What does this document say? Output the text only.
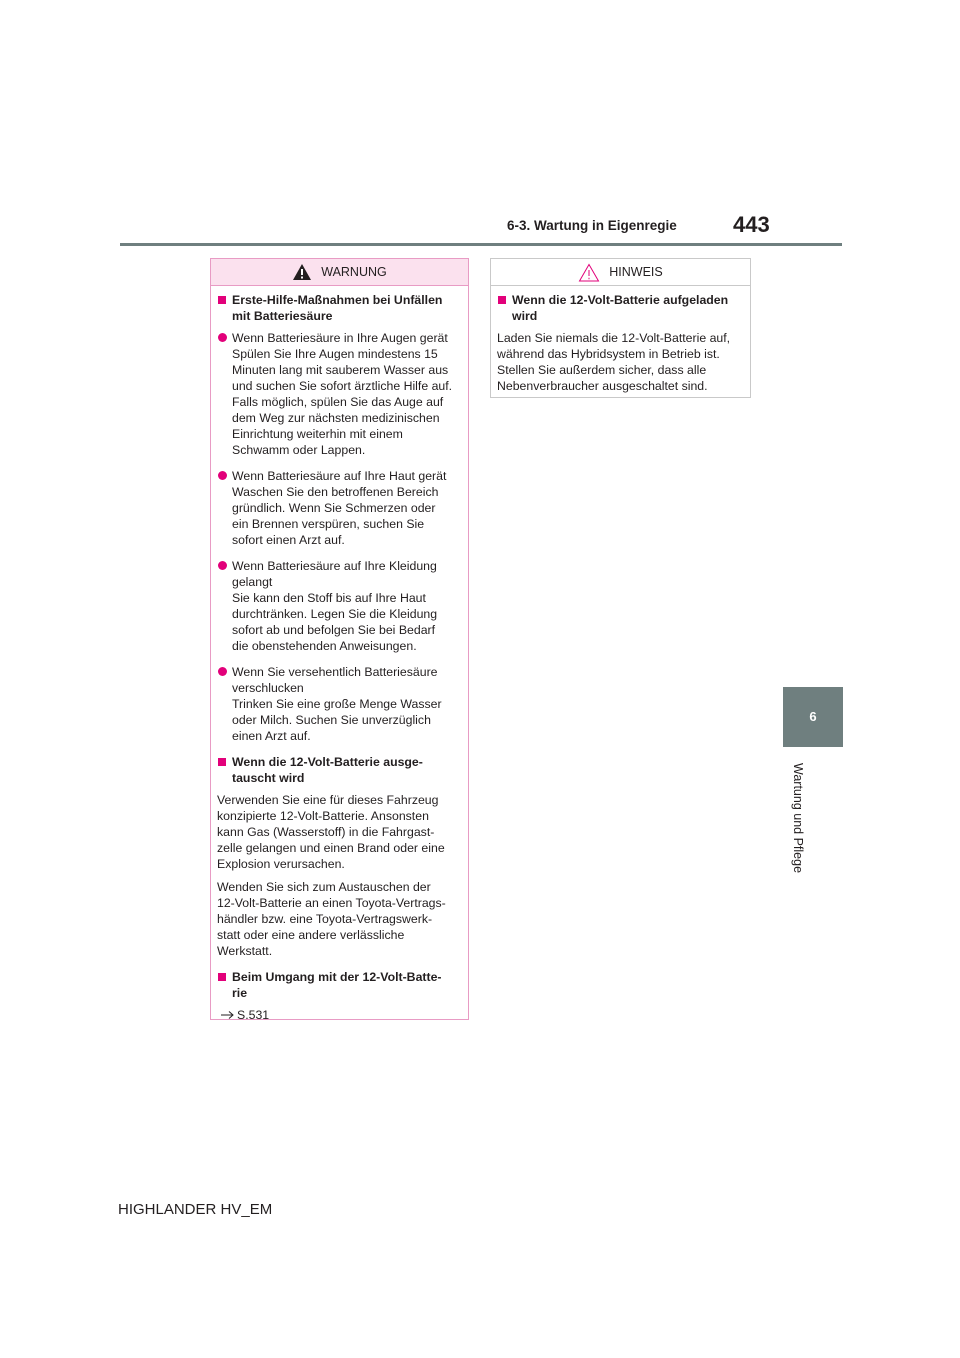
6-3. Wartung in Eigenregie	443
6
Wartung und Pflege
WARNUNG
Erste-Hilfe-Maßnahmen bei Unfällen
mit Batteriesäure
Wenn Batteriesäure in Ihre Augen gerät
Spülen Sie Ihre Augen mindestens 15
Minuten lang mit sauberem Wasser aus
und suchen Sie sofort ärztliche Hilfe auf.
Falls möglich, spülen Sie das Auge auf
dem Weg zur nächsten medizinischen
Einrichtung weiterhin mit einem
Schwamm oder Lappen.
Wenn Batteriesäure auf Ihre Haut gerät
Waschen Sie den betroffenen Bereich
gründlich. Wenn Sie Schmerzen oder
ein Brennen verspüren, suchen Sie
sofort einen Arzt auf.
Wenn Batteriesäure auf Ihre Kleidung
gelangt
Sie kann den Stoff bis auf Ihre Haut
durchtränken. Legen Sie die Kleidung
sofort ab und befolgen Sie bei Bedarf
die obenstehenden Anweisungen.
Wenn Sie versehentlich Batteriesäure
verschlucken
Trinken Sie eine große Menge Wasser
oder Milch. Suchen Sie unverzüglich
einen Arzt auf.
Wenn die 12-Volt-Batterie ausge-
tauscht wird
Verwenden Sie eine für dieses Fahrzeug
konzipierte 12-Volt-Batterie. Ansonsten
kann Gas (Wasserstoff) in die Fahrgast-
zelle gelangen und einen Brand oder eine
Explosion verursachen.
Wenden Sie sich zum Austauschen der
12-Volt-Batterie an einen Toyota-Vertrags-
händler bzw. eine Toyota-Vertragswerk-
statt oder eine andere verlässliche
Werkstatt.
Beim Umgang mit der 12-Volt-Batte-
rie
S.531
HINWEIS
Wenn die 12-Volt-Batterie aufgeladen
wird
Laden Sie niemals die 12-Volt-Batterie auf,
während das Hybridsystem in Betrieb ist.
Stellen Sie außerdem sicher, dass alle
Nebenverbraucher ausgeschaltet sind.
HIGHLANDER HV_EM
